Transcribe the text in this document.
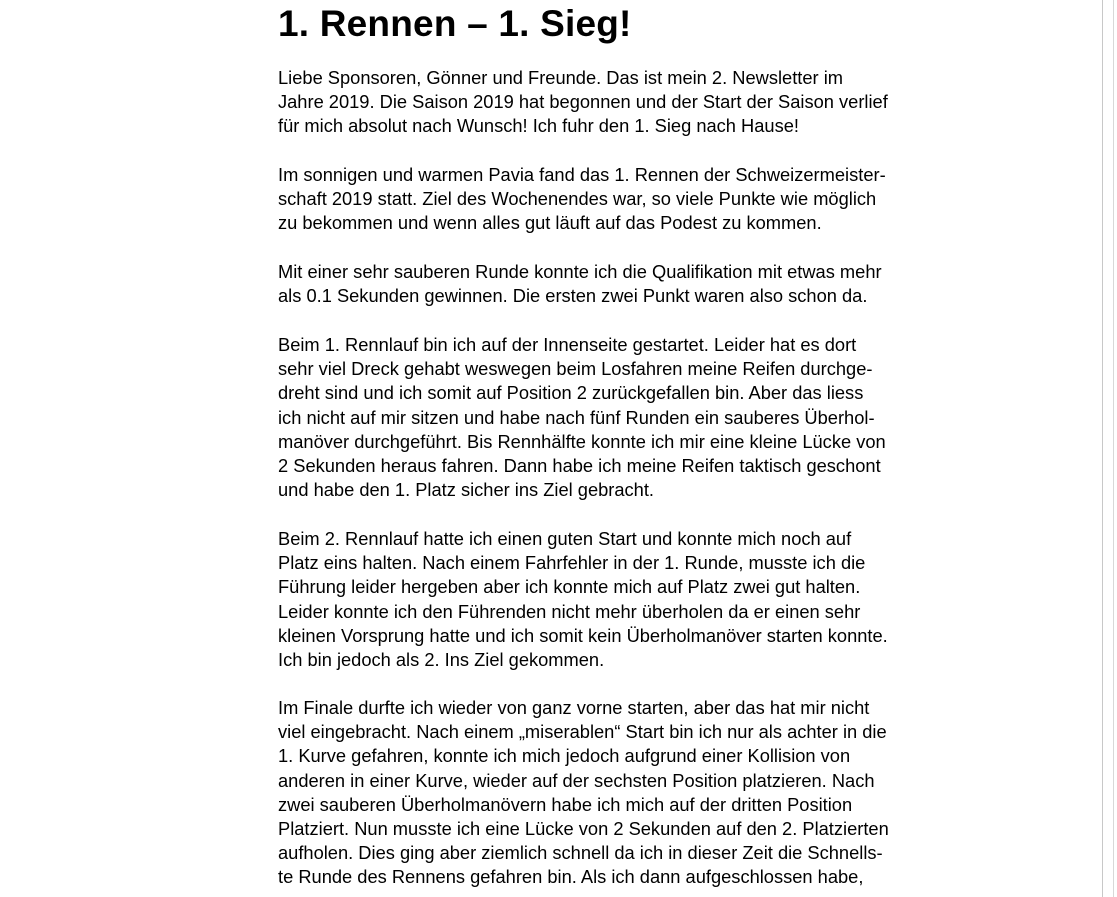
1. Rennen – 1. Sieg!

Liebe Sponsoren, Gönner und Freunde. Das ist mein 2. Newsletter im
Jahre 2019. Die Saison 2019 hat begonnen und der Start der Saison verlief
für mich absolut nach Wunsch! Ich fuhr den 1. Sieg nach Hause!

Im sonnigen und warmen Pavia fand das 1. Rennen der Schweizermeister-
schaft 2019 statt. Ziel des Wochenendes war, so viele Punkte wie möglich
zu bekommen und wenn alles gut läuft auf das Podest zu kommen.

Mit einer sehr sauberen Runde konnte ich die Qualifikation mit etwas mehr
als 0.1 Sekunden gewinnen. Die ersten zwei Punkt waren also schon da.

Beim 1. Rennlauf bin ich auf der Innenseite gestartet. Leider hat es dort
sehr viel Dreck gehabt weswegen beim Losfahren meine Reifen durchge-
dreht sind und ich somit auf Position 2 zurückgefallen bin. Aber das liess
ich nicht auf mir sitzen und habe nach fünf Runden ein sauberes Überhol-
manöver durchgeführt. Bis Rennhälfte konnte ich mir eine kleine Lücke von
2 Sekunden heraus fahren. Dann habe ich meine Reifen taktisch geschont
und habe den 1. Platz sicher ins Ziel gebracht.

Beim 2. Rennlauf hatte ich einen guten Start und konnte mich noch auf
Platz eins halten. Nach einem Fahrfehler in der 1. Runde, musste ich die
Führung leider hergeben aber ich konnte mich auf Platz zwei gut halten.
Leider konnte ich den Führenden nicht mehr überholen da er einen sehr
kleinen Vorsprung hatte und ich somit kein Überholmanöver starten konnte.
Ich bin jedoch als 2. Ins Ziel gekommen.

Im Finale durfte ich wieder von ganz vorne starten, aber das hat mir nicht
viel eingebracht. Nach einem „miserablen“ Start bin ich nur als achter in die
1. Kurve gefahren, konnte ich mich jedoch aufgrund einer Kollision von
anderen in einer Kurve, wieder auf der sechsten Position platzieren. Nach
zwei sauberen Überholmanövern habe ich mich auf der dritten Position
Platziert. Nun musste ich eine Lücke von 2 Sekunden auf den 2. Platzierten
aufholen. Dies ging aber ziemlich schnell da ich in dieser Zeit die Schnells-
te Runde des Rennens gefahren bin. Als ich dann aufgeschlossen habe,
